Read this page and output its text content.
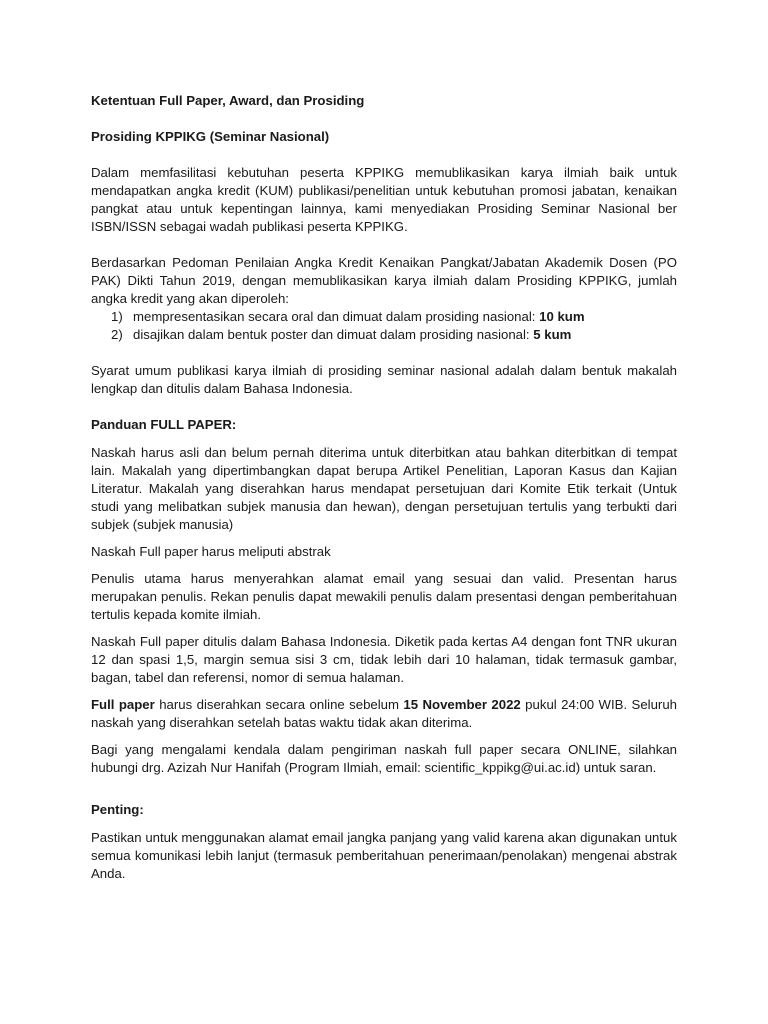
Ketentuan Full Paper, Award, dan Prosiding

Prosiding KPPIKG (Seminar Nasional)

Dalam memfasilitasi kebutuhan peserta KPPIKG memublikasikan karya ilmiah baik untuk mendapatkan angka kredit (KUM) publikasi/penelitian untuk kebutuhan promosi jabatan, kenaikan pangkat atau untuk kepentingan lainnya, kami menyediakan Prosiding Seminar Nasional ber ISBN/ISSN sebagai wadah publikasi peserta KPPIKG.

Berdasarkan Pedoman Penilaian Angka Kredit Kenaikan Pangkat/Jabatan Akademik Dosen (PO PAK) Dikti Tahun 2019, dengan memublikasikan karya ilmiah dalam Prosiding KPPIKG, jumlah angka kredit yang akan diperoleh:

1) mempresentasikan secara oral dan dimuat dalam prosiding nasional: 10 kum
2) disajikan dalam bentuk poster dan dimuat dalam prosiding nasional: 5 kum

Syarat umum publikasi karya ilmiah di prosiding seminar nasional adalah dalam bentuk makalah lengkap dan ditulis dalam Bahasa Indonesia.

Panduan FULL PAPER:

Naskah harus asli dan belum pernah diterima untuk diterbitkan atau bahkan diterbitkan di tempat lain. Makalah yang dipertimbangkan dapat berupa Artikel Penelitian, Laporan Kasus dan Kajian Literatur. Makalah yang diserahkan harus mendapat persetujuan dari Komite Etik terkait (Untuk studi yang melibatkan subjek manusia dan hewan), dengan persetujuan tertulis yang terbukti dari subjek (subjek manusia)

Naskah Full paper harus meliputi abstrak

Penulis utama harus menyerahkan alamat email yang sesuai dan valid. Presentan harus merupakan penulis. Rekan penulis dapat mewakili penulis dalam presentasi dengan pemberitahuan tertulis kepada komite ilmiah.

Naskah Full paper ditulis dalam Bahasa Indonesia. Diketik pada kertas A4 dengan font TNR ukuran 12 dan spasi 1,5, margin semua sisi 3 cm, tidak lebih dari 10 halaman, tidak termasuk gambar, bagan, tabel dan referensi, nomor di semua halaman.

Full paper harus diserahkan secara online sebelum 15 November 2022 pukul 24:00 WIB. Seluruh naskah yang diserahkan setelah batas waktu tidak akan diterima.

Bagi yang mengalami kendala dalam pengiriman naskah full paper secara ONLINE, silahkan hubungi drg. Azizah Nur Hanifah (Program Ilmiah, email: scientific_kppikg@ui.ac.id) untuk saran.

Penting:

Pastikan untuk menggunakan alamat email jangka panjang yang valid karena akan digunakan untuk semua komunikasi lebih lanjut (termasuk pemberitahuan penerimaan/penolakan) mengenai abstrak Anda.
